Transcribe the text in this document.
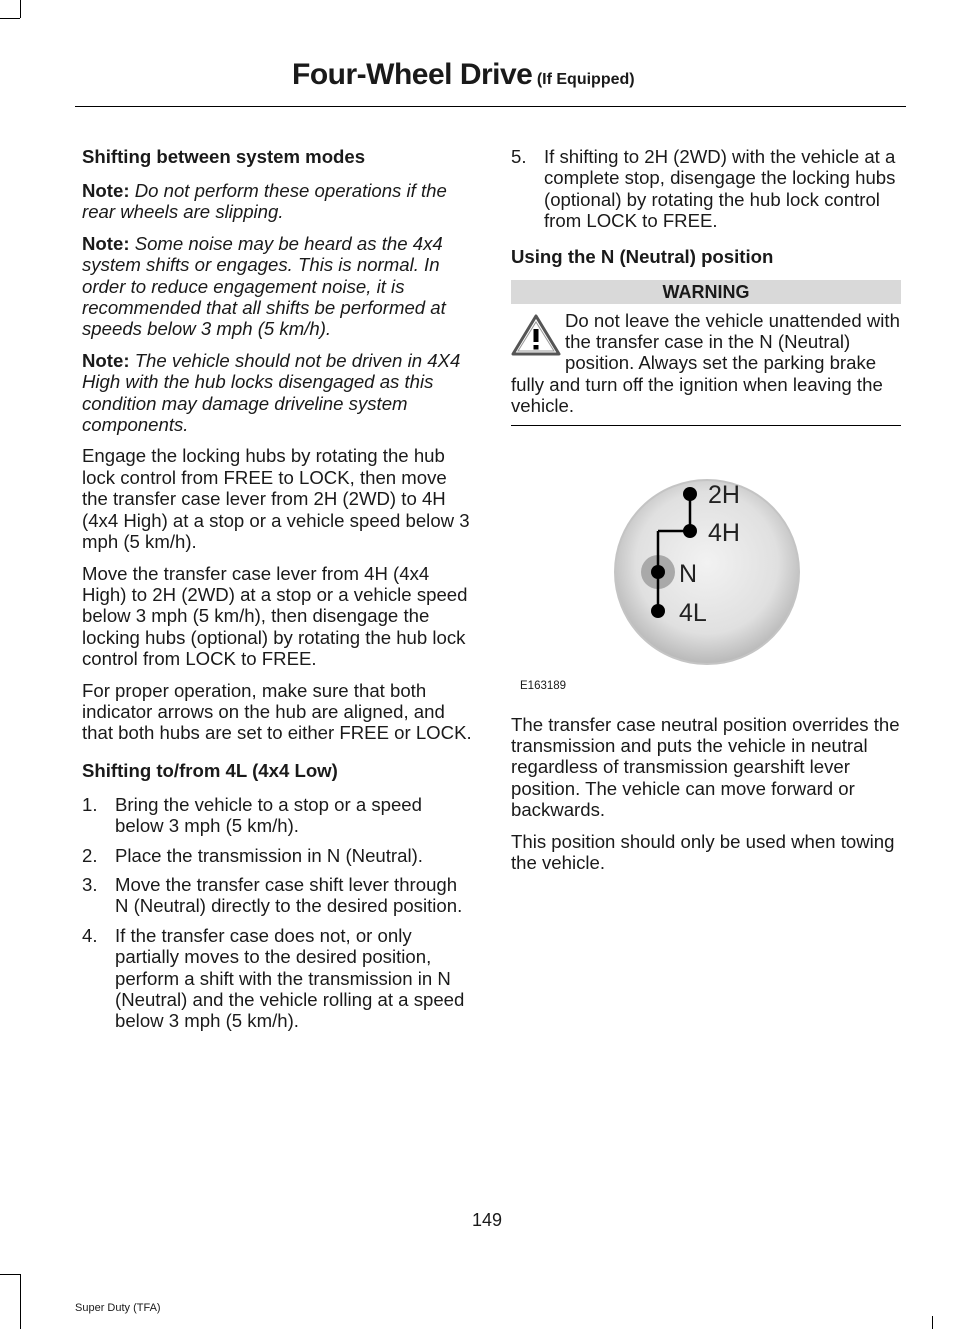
Four-Wheel Drive (If Equipped)
Shifting between system modes

Note: Do not perform these operations if the rear wheels are slipping.

Note: Some noise may be heard as the 4x4 system shifts or engages. This is normal. In order to reduce engagement noise, it is recommended that all shifts be performed at speeds below 3 mph (5 km/h).

Note: The vehicle should not be driven in 4X4 High with the hub locks disengaged as this condition may damage driveline system components.

Engage the locking hubs by rotating the hub lock control from FREE to LOCK, then move the transfer case lever from 2H (2WD) to 4H (4x4 High) at a stop or a vehicle speed below 3 mph (5 km/h).

Move the transfer case lever from 4H (4x4 High) to 2H (2WD) at a stop or a vehicle speed below 3 mph (5 km/h), then disengage the locking hubs (optional) by rotating the hub lock control from LOCK to FREE.

For proper operation, make sure that both indicator arrows on the hub are aligned, and that both hubs are set to either FREE or LOCK.

Shifting to/from 4L (4x4 Low)
1. Bring the vehicle to a stop or a speed below 3 mph (5 km/h).
2. Place the transmission in N (Neutral).
3. Move the transfer case shift lever through N (Neutral) directly to the desired position.
4. If the transfer case does not, or only partially moves to the desired position, perform a shift with the transmission in N (Neutral) and the vehicle rolling at a speed below 3 mph (5 km/h).
5. If shifting to 2H (2WD) with the vehicle at a complete stop, disengage the locking hubs (optional) by rotating the hub lock control from LOCK to FREE.
Using the N (Neutral) position
WARNING
Do not leave the vehicle unattended with the transfer case in the N (Neutral) position. Always set the parking brake fully and turn off the ignition when leaving the vehicle.
2H
4H
N
4L
E163189

The transfer case neutral position overrides the transmission and puts the vehicle in neutral regardless of transmission gearshift lever position. The vehicle can move forward or backwards.

This position should only be used when towing the vehicle.

149
Super Duty (TFA)
